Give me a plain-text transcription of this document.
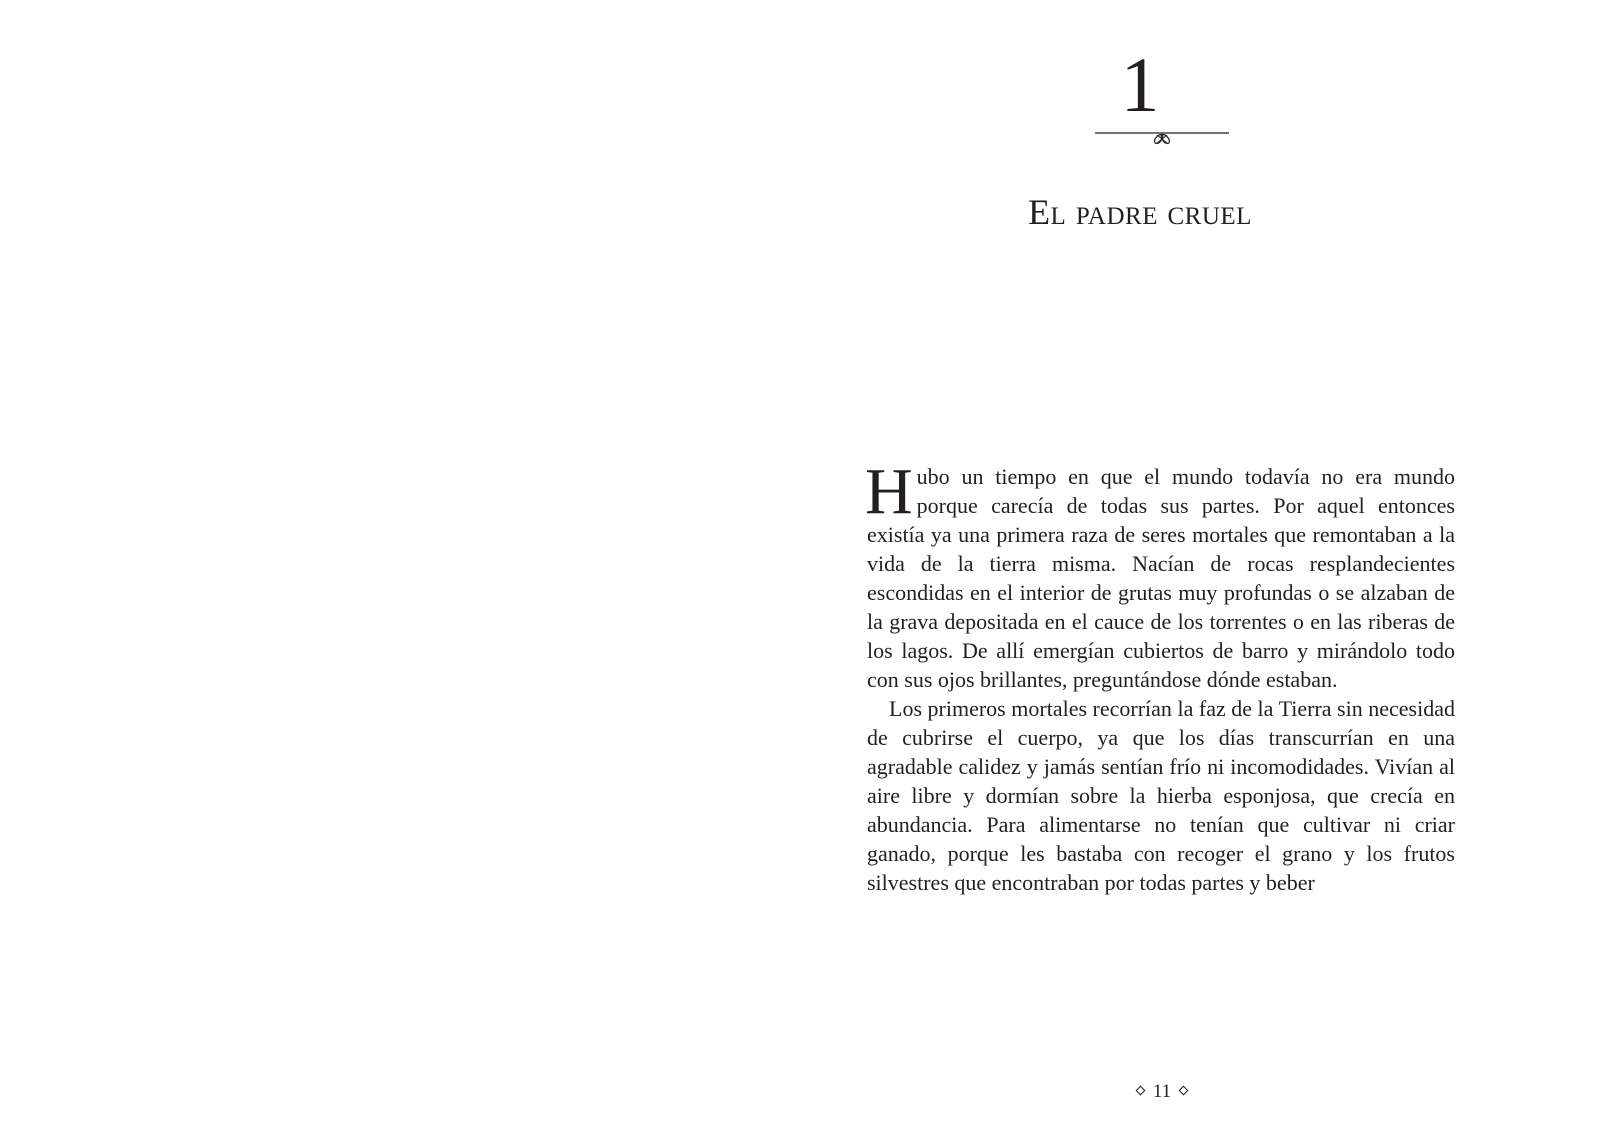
1
El padre cruel

Hubo un tiempo en que el mundo todavía no era mundo porque carecía de todas sus partes. Por aquel entonces existía ya una primera raza de seres mortales que remontaban a la vida de la tierra misma. Nacían de rocas resplandecientes escondidas en el interior de grutas muy profundas o se alzaban de la grava depositada en el cauce de los torrentes o en las riberas de los lagos. De allí emergían cubiertos de barro y mirándolo todo con sus ojos brillantes, preguntándose dónde estaban.

Los primeros mortales recorrían la faz de la Tierra sin necesidad de cubrirse el cuerpo, ya que los días transcurrían en una agradable calidez y jamás sentían frío ni incomodidades. Vivían al aire libre y dormían sobre la hierba esponjosa, que crecía en abundancia. Para alimentarse no tenían que cultivar ni criar ganado, porque les bastaba con recoger el grano y los frutos silvestres que encontraban por todas partes y beber

11
